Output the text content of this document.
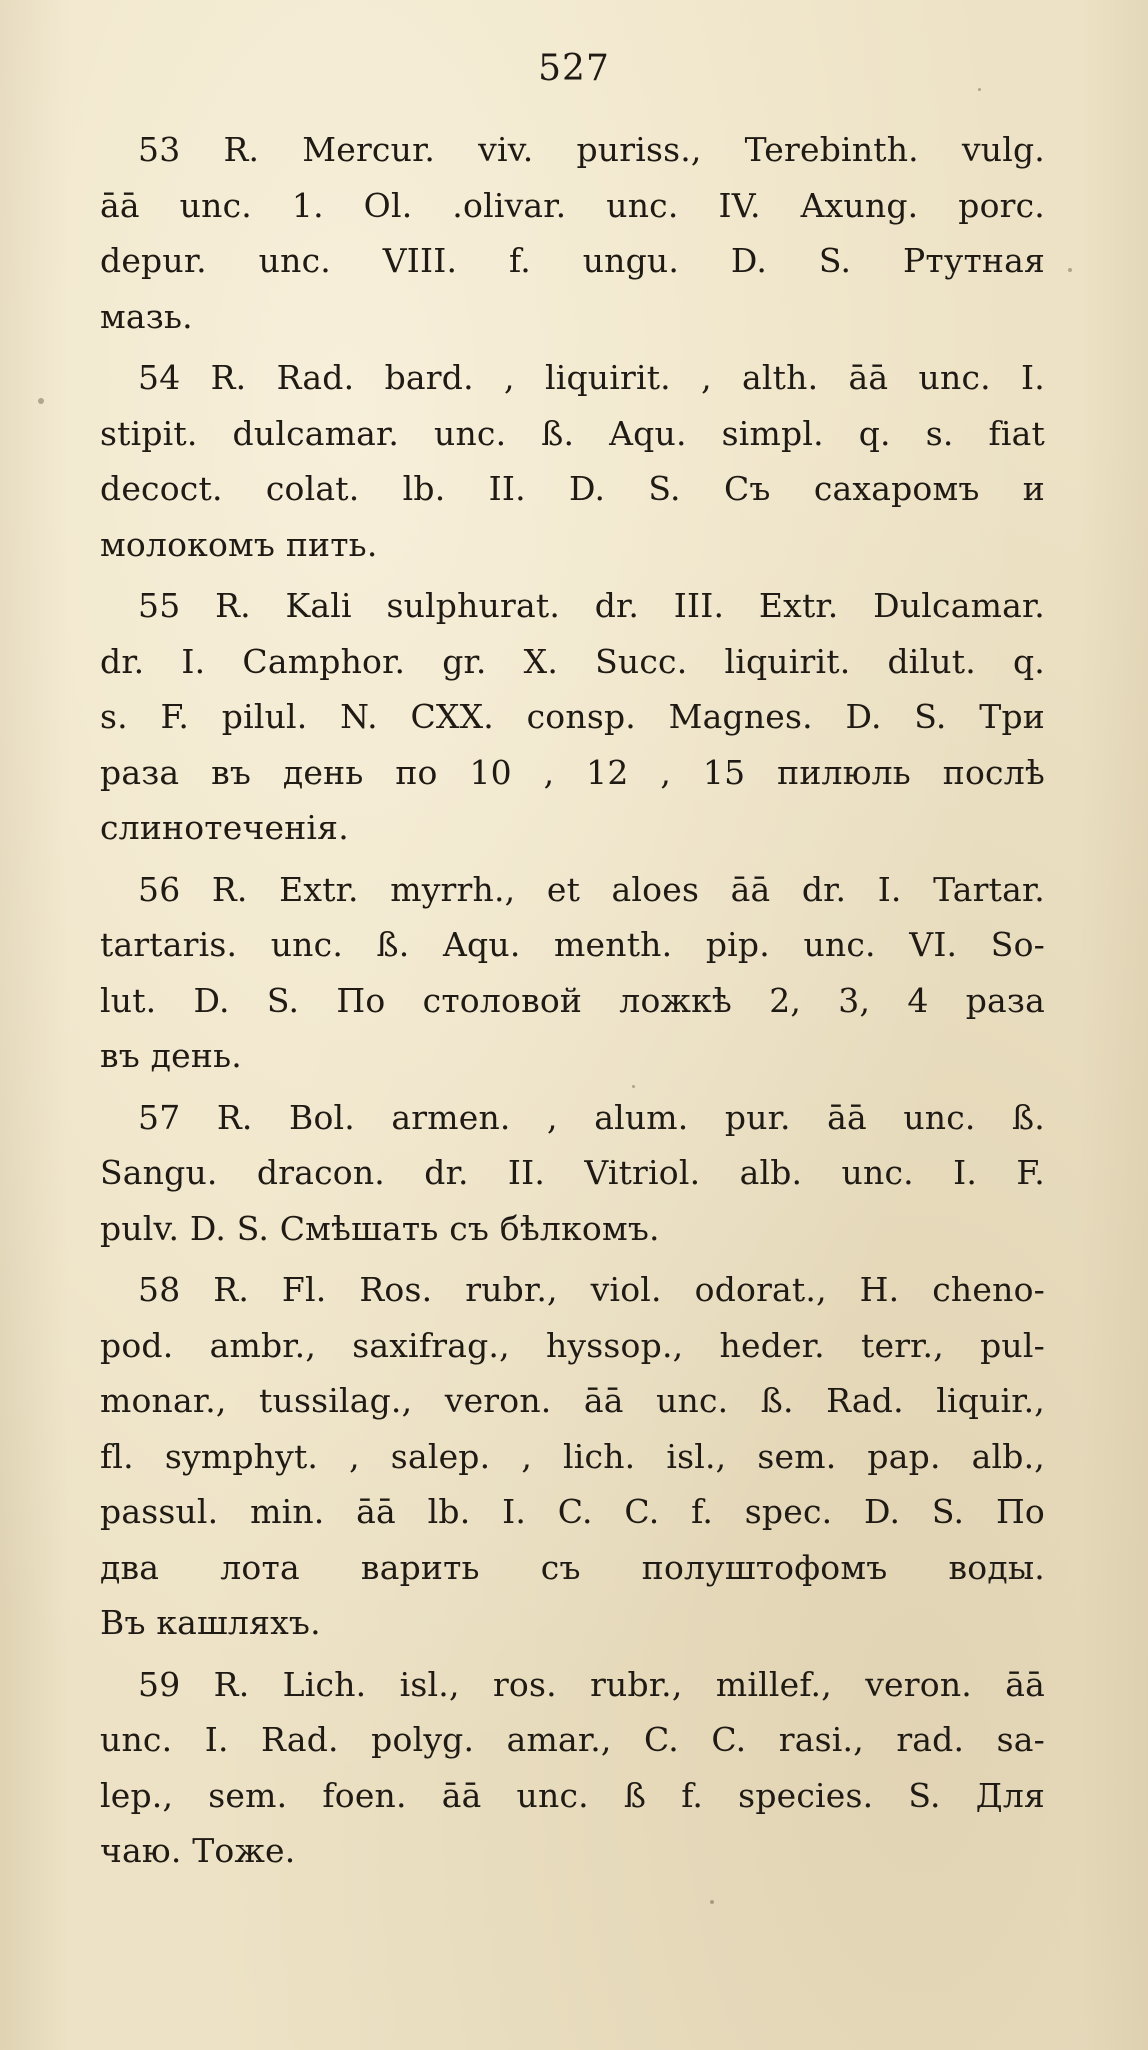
527
53 R. Mercur. viv. puriss., Terebinth. vulg.
āā unc. 1. Ol. .olivar. unc. IV. Axung. porc.
depur. unc. VIII. f. ungu. D. S. Ртутная
мазь.
54 R. Rad. bard. , liquirit. , alth. āā unc. I.
stipit. dulcamar. unc. ß. Aqu. simpl. q. s. fiat
decoct. colat. lb. II. D. S. Съ сахаромъ и
молокомъ пить.
55 R. Kali sulphurat. dr. III. Extr. Dulcamar.
dr. I. Camphor. gr. X. Succ. liquirit. dilut. q.
s. F. pilul. N. CXX. consp. Magnes. D. S. Три
раза въ день по 10 , 12 , 15 пилюль послѣ
слинотеченія.
56 R. Extr. myrrh., et aloes āā dr. I. Tartar.
tartaris. unc. ß. Aqu. menth. pip. unc. VI. So-
lut. D. S. По столовой ложкѣ 2, 3, 4 раза
въ день.
57 R. Bol. armen. , alum. pur. āā unc. ß.
Sangu. dracon. dr. II. Vitriol. alb. unc. I. F.
pulv. D. S. Смѣшать съ бѣлкомъ.
58 R. Fl. Ros. rubr., viol. odorat., H. cheno-
pod. ambr., saxifrag., hyssop., heder. terr., pul-
monar., tussilag., veron. āā unc. ß. Rad. liquir.,
fl. symphyt. , salep. , lich. isl., sem. pap. alb.,
passul. min. āā lb. I. C. C. f. spec. D. S. По
два лота варить съ полуштофомъ воды.
Въ кашляхъ.
59 R. Lich. isl., ros. rubr., millef., veron. āā
unc. I. Rad. polyg. amar., C. C. rasi., rad. sa-
lep., sem. foen. āā unc. ß f. species. S. Для
чаю. Тоже.
